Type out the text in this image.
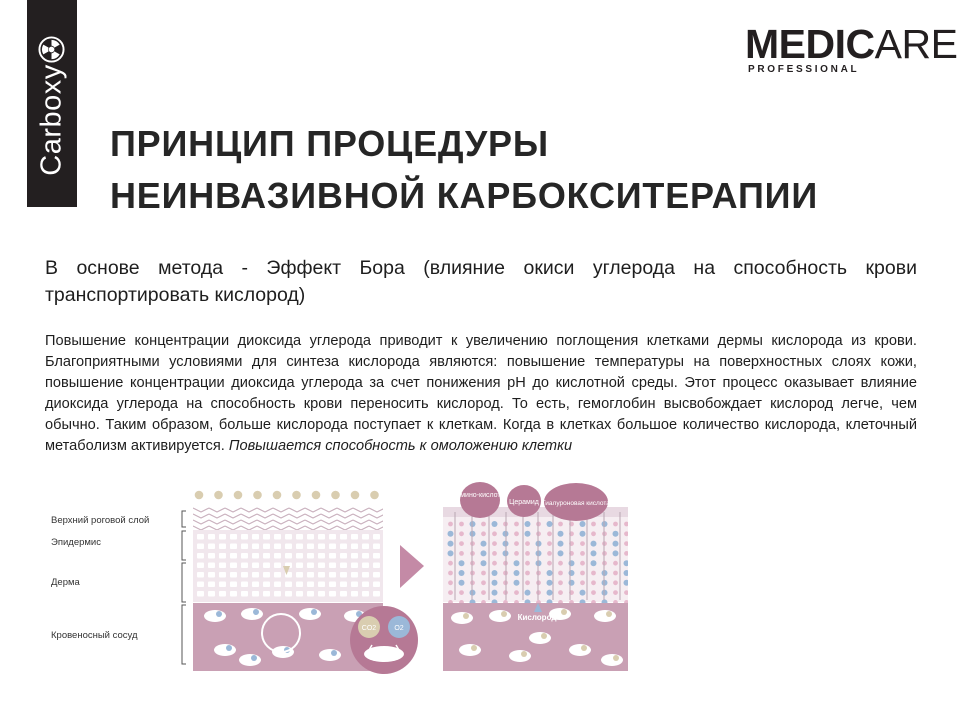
Carboxy
MEDICARE
PROFESSIONAL
ПРИНЦИП ПРОЦЕДУРЫ
НЕИНВАЗИВНОЙ КАРБОКСИТЕРАПИИ
В основе метода - Эффект Бора (влияние окиси углерода на способность крови транспортировать кислород)
Повышение концентрации диоксида углерода приводит к увеличению поглощения клетками дермы кислорода из крови. Благоприятными условиями для синтеза кислорода являются: повышение температуры на поверхностных слоях кожи, повышение концентрации диоксида углерода за счет понижения pH до кислотной среды. Этот процесс оказывает влияние диоксида углерода на способность крови переносить кислород. То есть, гемоглобин высвобождает кислород легче, чем обычно. Таким образом, больше кислорода поступает к клеткам. Когда в клетках большое количество кислорода, клеточный метаболизм активируется. Повышается способность к омоложению клетки
Верхний роговой слой
Эпидермис
Дерма
Кровеносный сосуд
CO2	O2
Амино-кислота
Церамид Гиалуроновая кислота
Кислород
